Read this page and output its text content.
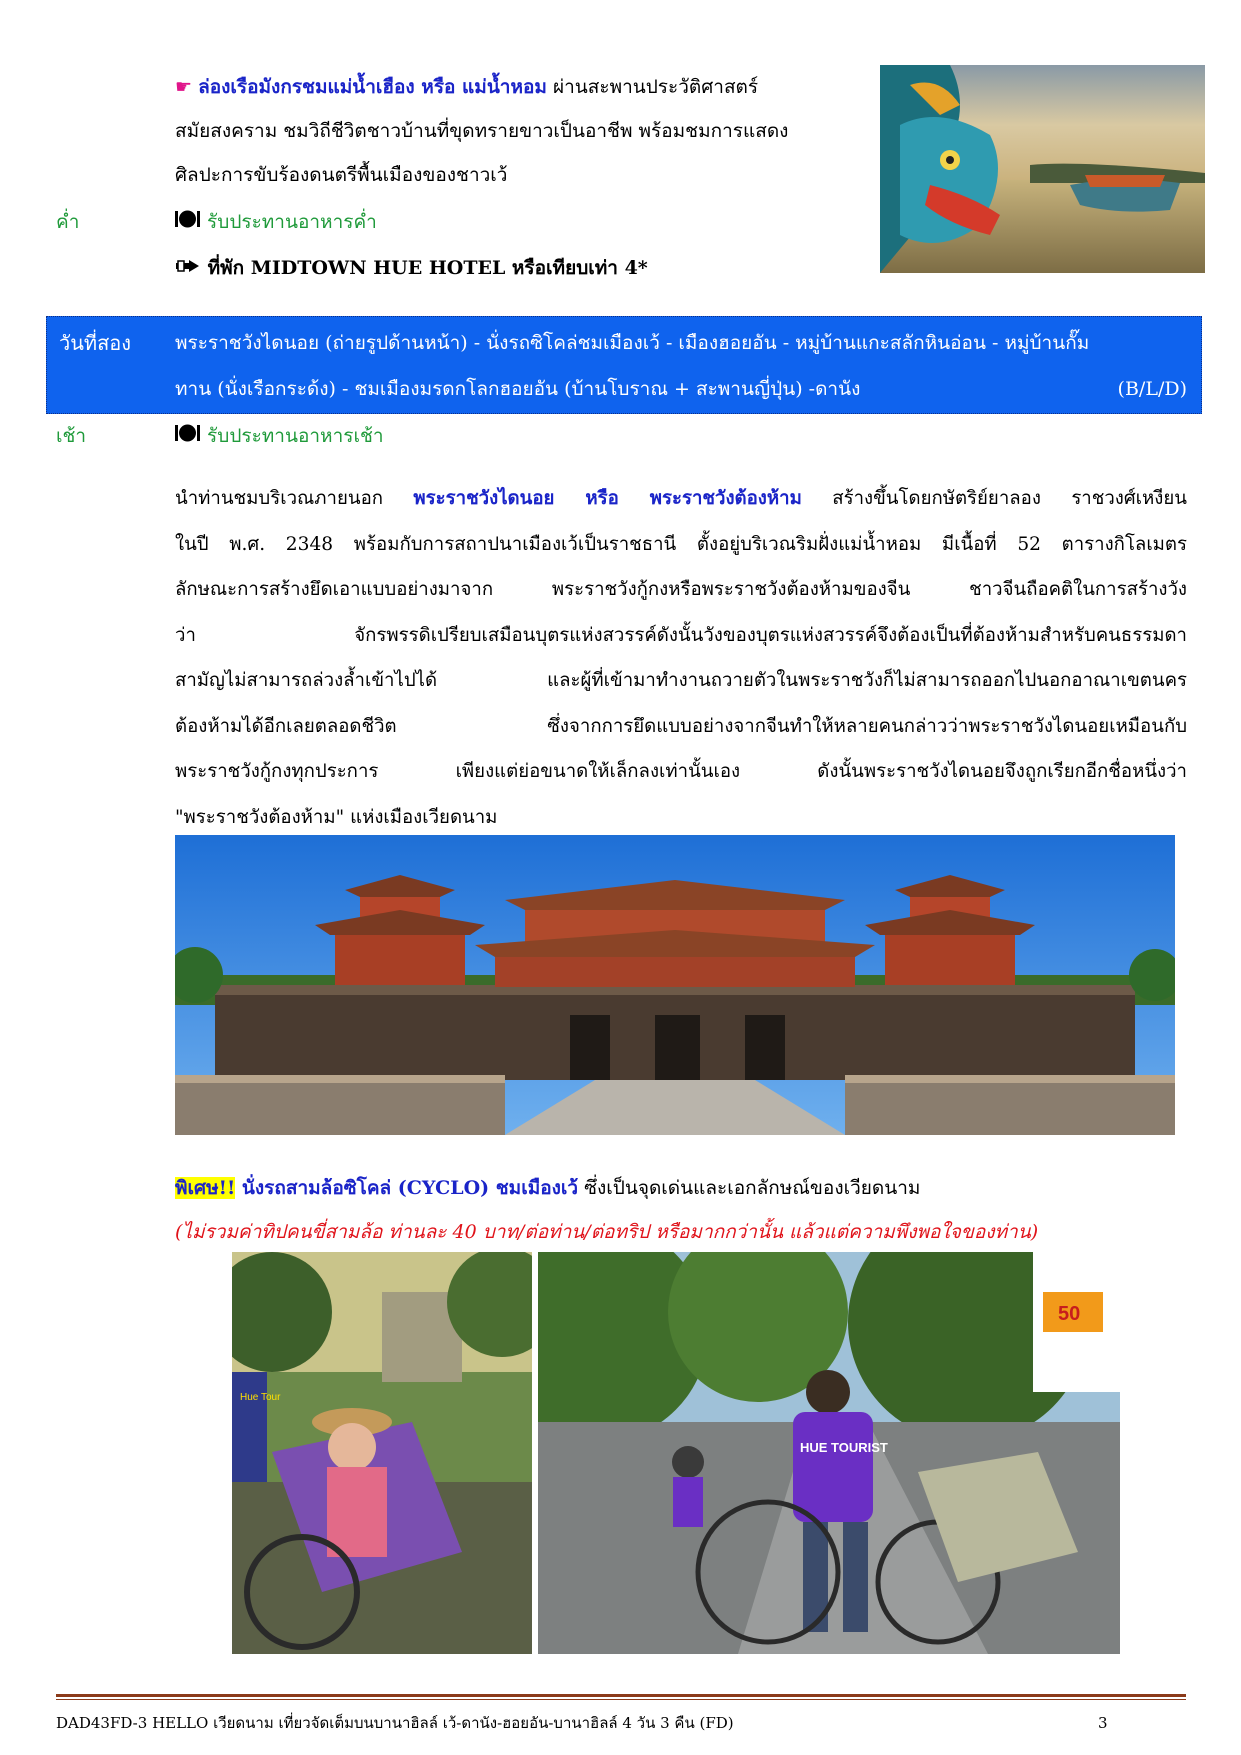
☛ ล่องเรือมังกรชมแม่น้ำเฮือง หรือ แม่น้ำหอม ผ่านสะพานประวัติศาสตร์
สมัยสงคราม ชมวิถีชีวิตชาวบ้านที่ขุดทรายขาวเป็นอาชีพ พร้อมชมการแสดง
ศิลปะการขับร้องดนตรีพื้นเมืองของชาวเว้
ค่ำ	รับประทานอาหารค่ำ
ที่พัก MIDTOWN HUE HOTEL หรือเทียบเท่า 4*
วันที่สอง พระราชวังไดนอย (ถ่ายรูปด้านหน้า) - นั่งรถซิโคล่ชมเมืองเว้ - เมืองฮอยอัน - หมู่บ้านแกะสลักหินอ่อน - หมู่บ้านกั๊ม
ทาน (นั่งเรือกระด้ง) - ชมเมืองมรดกโลกฮอยอัน (บ้านโบราณ + สะพานญี่ปุ่น) -ดานัง	(B/L/D)
เช้า	รับประทานอาหารเช้า

นำท่านชมบริเวณภายนอก พระราชวังไดนอย หรือ พระราชวังต้องห้าม สร้างขึ้นโดยกษัตริย์ยาลอง ราชวงศ์เหงียน

ในปี พ.ศ. 2348 พร้อมกับการสถาปนาเมืองเว้เป็นราชธานี ตั้งอยู่บริเวณริมฝั่งแม่น้ำหอม มีเนื้อที่ 52 ตารางกิโลเมตร

ลักษณะการสร้างยึดเอาแบบอย่างมาจาก พระราชวังกู้กงหรือพระราชวังต้องห้ามของจีน ชาวจีนถือคติในการสร้างวัง

ว่า จักรพรรดิเปรียบเสมือนบุตรแห่งสวรรค์ดังนั้นวังของบุตรแห่งสวรรค์จึงต้องเป็นที่ต้องห้ามสำหรับคนธรรมดา

สามัญไม่สามารถล่วงล้ำเข้าไปได้ และผู้ที่เข้ามาทำงานถวายตัวในพระราชวังก็ไม่สามารถออกไปนอกอาณาเขตนคร

ต้องห้ามได้อีกเลยตลอดชีวิต ซึ่งจากการยึดแบบอย่างจากจีนทำให้หลายคนกล่าวว่าพระราชวังไดนอยเหมือนกับ

พระราชวังกู้กงทุกประการ เพียงแต่ย่อขนาดให้เล็กลงเท่านั้นเอง ดังนั้นพระราชวังไดนอยจึงถูกเรียกอีกชื่อหนึ่งว่า

"พระราชวังต้องห้าม" แห่งเมืองเวียดนาม

พิเศษ!! นั่งรถสามล้อซิโคล่ (CYCLO) ชมเมืองเว้ ซึ่งเป็นจุดเด่นและเอกลักษณ์ของเวียดนาม
(ไม่รวมค่าทิปคนขี่สามล้อ ท่านละ 40 บาท/ต่อท่าน/ต่อทริป หรือมากกว่านั้น แล้วแต่ความพึงพอใจของท่าน)
Hue Tour
50
HUE TOURIST
DAD43FD-3 HELLO เวียดนาม เที่ยวจัดเต็มบนบานาฮิลล์ เว้-ดานัง-ฮอยอัน-บานาฮิลล์ 4 วัน 3 คืน (FD)	3
